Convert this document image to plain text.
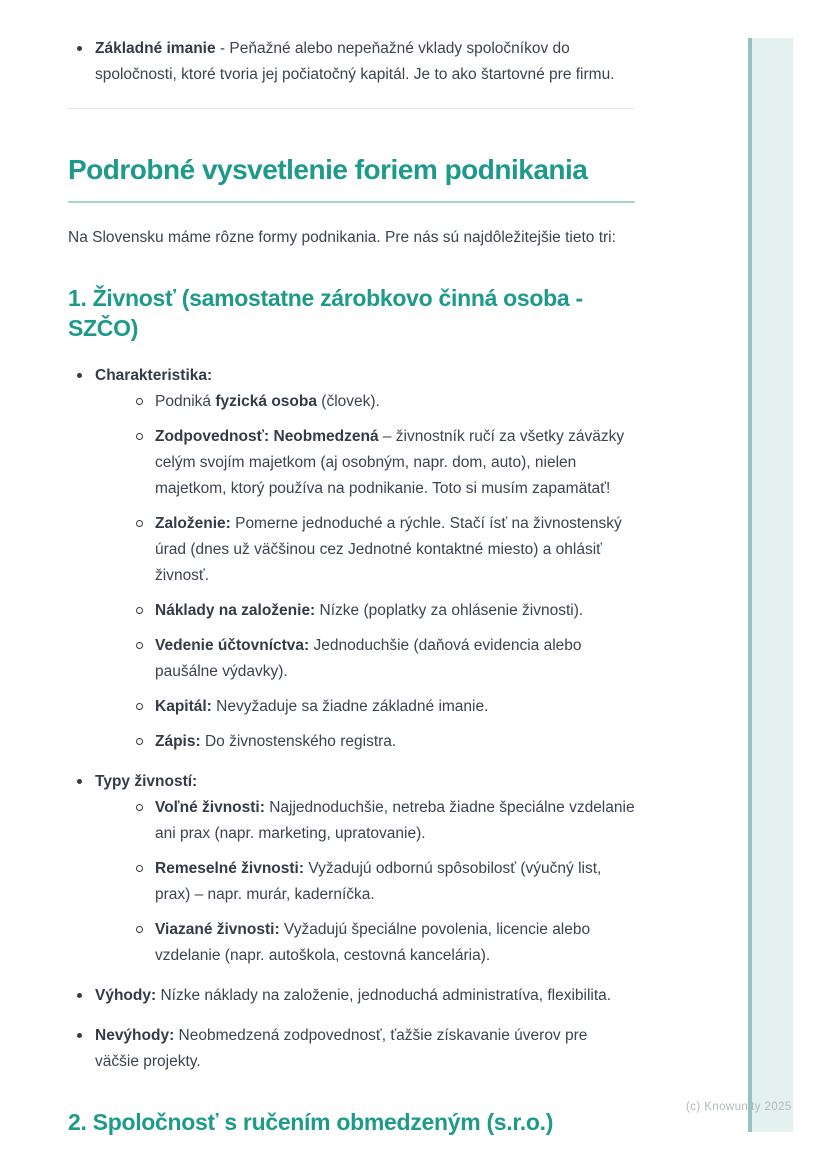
(c) Knowunity 2025
Základné imanie - Peňažné alebo nepeňažné vklady spoločníkov do spoločnosti, ktoré tvoria jej počiatočný kapitál. Je to ako štartovné pre firmu.
Podrobné vysvetlenie foriem podnikania

Na Slovensku máme rôzne formy podnikania. Pre nás sú najdôležitejšie tieto tri:

1. Živnosť (samostatne zárobkovo činná osoba - SZČO)
Charakteristika:
Podniká fyzická osoba (človek).
Zodpovednosť: Neobmedzená – živnostník ručí za všetky záväzky celým svojím majetkom (aj osobným, napr. dom, auto), nielen majetkom, ktorý používa na podnikanie. Toto si musím zapamätať!
Založenie: Pomerne jednoduché a rýchle. Stačí ísť na živnostenský úrad (dnes už väčšinou cez Jednotné kontaktné miesto) a ohlásiť živnosť.
Náklady na založenie: Nízke (poplatky za ohlásenie živnosti).
Vedenie účtovníctva: Jednoduchšie (daňová evidencia alebo paušálne výdavky).
Kapitál: Nevyžaduje sa žiadne základné imanie.
Zápis: Do živnostenského registra.
Typy živností:
Voľné živnosti: Najjednoduchšie, netreba žiadne špeciálne vzdelanie ani prax (napr. marketing, upratovanie).
Remeselné živnosti: Vyžadujú odbornú spôsobilosť (výučný list, prax) – napr. murár, kaderníčka.
Viazané živnosti: Vyžadujú špeciálne povolenia, licencie alebo vzdelanie (napr. autoškola, cestovná kancelária).
Výhody: Nízke náklady na založenie, jednoduchá administratíva, flexibilita.
Nevýhody: Neobmedzená zodpovednosť, ťažšie získavanie úverov pre väčšie projekty.
2. Spoločnosť s ručením obmedzeným (s.r.o.)
